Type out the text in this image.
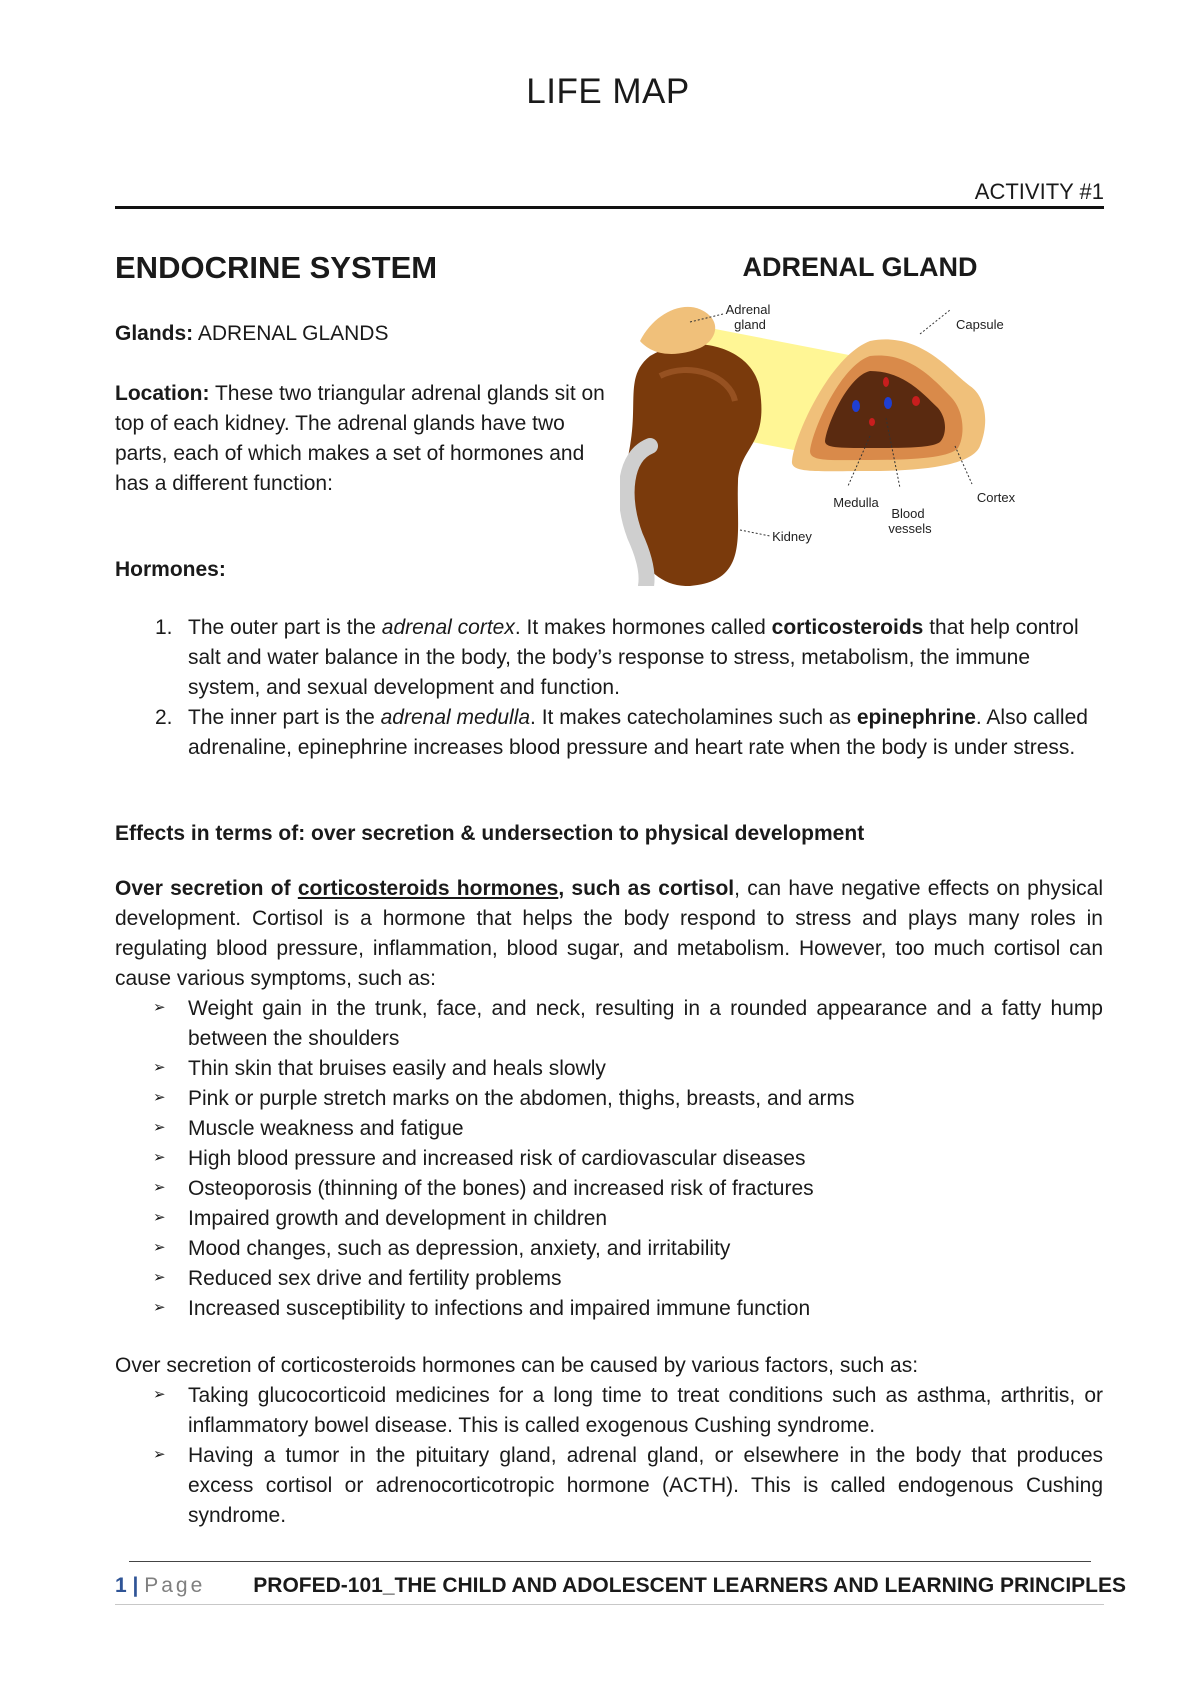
LIFE MAP
ACTIVITY #1
ENDOCRINE SYSTEM
Glands: ADRENAL GLANDS
Location: These two triangular adrenal glands sit on top of each kidney. The adrenal glands have two parts, each of which makes a set of hormones and has a different function:
ADRENAL GLAND
Adrenal
gland	Capsule
Medulla
Blood
vessels
Cortex
Kidney
Hormones:
1. The outer part is the adrenal cortex. It makes hormones called corticosteroids that help control salt and water balance in the body, the body’s response to stress, metabolism, the immune system, and sexual development and function.
2. The inner part is the adrenal medulla. It makes catecholamines such as epinephrine. Also called adrenaline, epinephrine increases blood pressure and heart rate when the body is under stress.
Effects in terms of: over secretion & undersection to physical development
Over secretion of corticosteroids hormones, such as cortisol, can have negative effects on physical development. Cortisol is a hormone that helps the body respond to stress and plays many roles in regulating blood pressure, inflammation, blood sugar, and metabolism. However, too much cortisol can cause various symptoms, such as:
➢ Weight gain in the trunk, face, and neck, resulting in a rounded appearance and a fatty hump between the shoulders
➢ Thin skin that bruises easily and heals slowly
➢ Pink or purple stretch marks on the abdomen, thighs, breasts, and arms
➢ Muscle weakness and fatigue
➢ High blood pressure and increased risk of cardiovascular diseases
➢ Osteoporosis (thinning of the bones) and increased risk of fractures
➢ Impaired growth and development in children
➢ Mood changes, such as depression, anxiety, and irritability
➢ Reduced sex drive and fertility problems
➢ Increased susceptibility to infections and impaired immune function
Over secretion of corticosteroids hormones can be caused by various factors, such as:
➢ Taking glucocorticoid medicines for a long time to treat conditions such as asthma, arthritis, or inflammatory bowel disease. This is called exogenous Cushing syndrome.
➢ Having a tumor in the pituitary gland, adrenal gland, or elsewhere in the body that produces excess cortisol or adrenocorticotropic hormone (ACTH). This is called endogenous Cushing syndrome.
1 | Page PROFED-101_THE CHILD AND ADOLESCENT LEARNERS AND LEARNING PRINCIPLES
